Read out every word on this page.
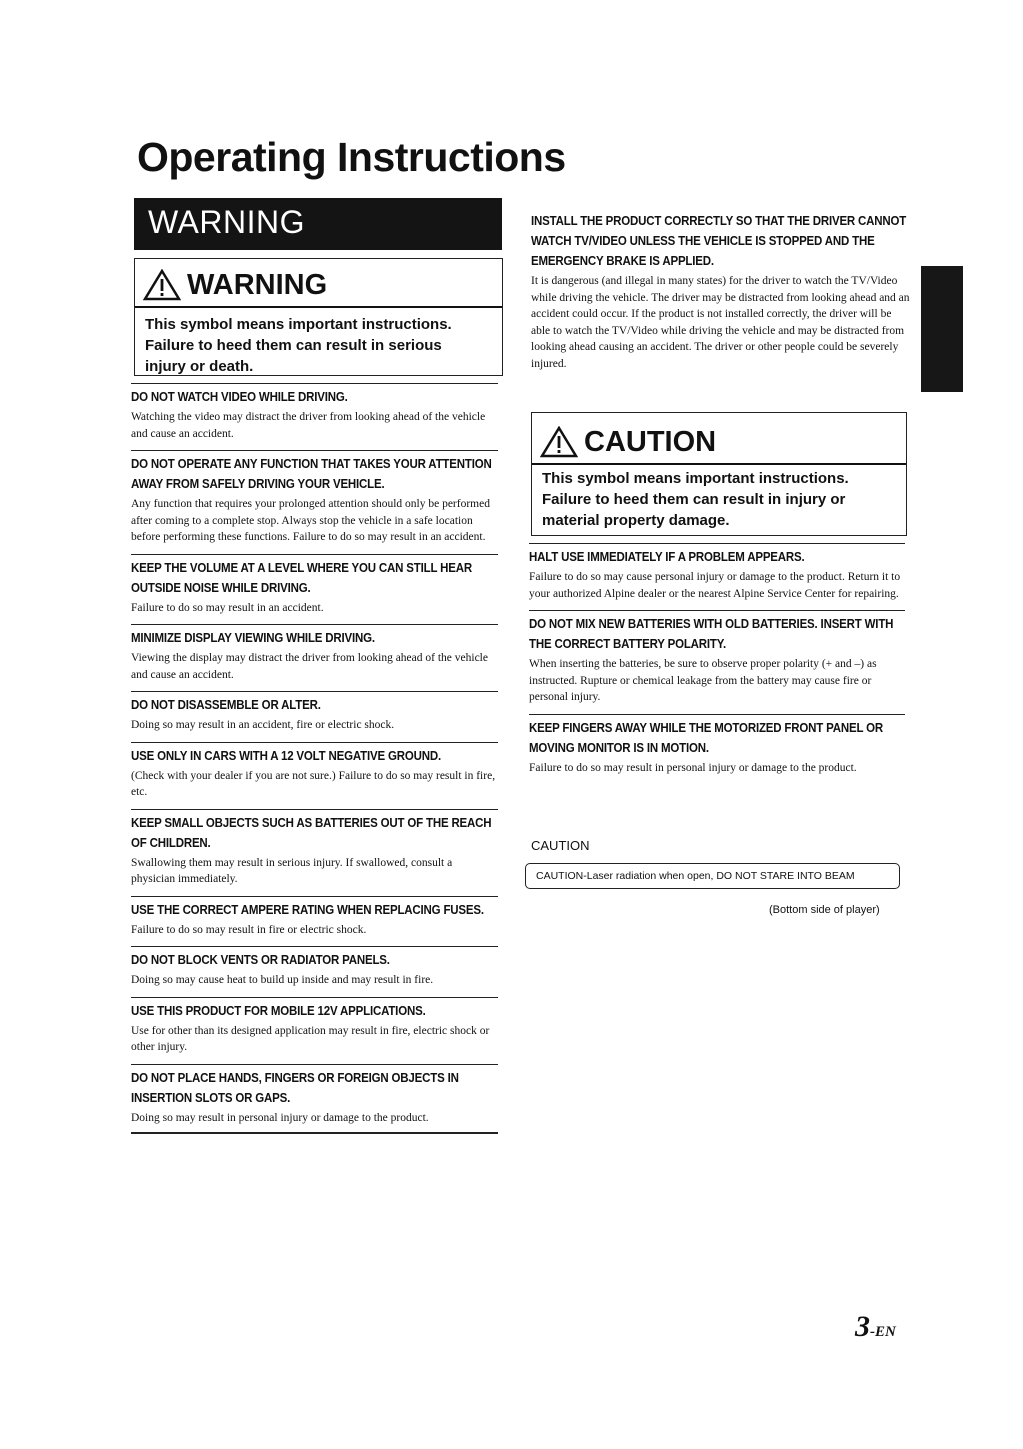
Operating Instructions
WARNING
WARNING
This symbol means important instructions. Failure to heed them can result in serious injury or death.
DO NOT WATCH VIDEO WHILE DRIVING.
Watching the video may distract the driver from looking ahead of the vehicle and cause an accident.
DO NOT OPERATE ANY FUNCTION THAT TAKES YOUR ATTENTION AWAY FROM SAFELY DRIVING YOUR VEHICLE.
Any function that requires your prolonged attention should only be performed after coming to a complete stop. Always stop the vehicle in a safe location before performing these functions. Failure to do so may result in an accident.
KEEP THE VOLUME AT A LEVEL WHERE YOU CAN STILL HEAR OUTSIDE NOISE WHILE DRIVING.
Failure to do so may result in an accident.
MINIMIZE DISPLAY VIEWING WHILE DRIVING.
Viewing the display may distract the driver from looking ahead of the vehicle and cause an accident.
DO NOT DISASSEMBLE OR ALTER.
Doing so may result in an accident, fire or electric shock.
USE ONLY IN CARS WITH A 12 VOLT NEGATIVE GROUND.
(Check with your dealer if you are not sure.) Failure to do so may result in fire, etc.
KEEP SMALL OBJECTS SUCH AS BATTERIES OUT OF THE REACH OF CHILDREN.
Swallowing them may result in serious injury. If swallowed, consult a physician immediately.
USE THE CORRECT AMPERE RATING WHEN REPLACING FUSES.
Failure to do so may result in fire or electric shock.
DO NOT BLOCK VENTS OR RADIATOR PANELS.
Doing so may cause heat to build up inside and may result in fire.
USE THIS PRODUCT FOR MOBILE 12V APPLICATIONS.
Use for other than its designed application may result in fire, electric shock or other injury.
DO NOT PLACE HANDS, FINGERS OR FOREIGN OBJECTS IN INSERTION SLOTS OR GAPS.
Doing so may result in personal injury or damage to the product.
INSTALL THE PRODUCT CORRECTLY SO THAT THE DRIVER CANNOT WATCH TV/VIDEO UNLESS THE VEHICLE IS STOPPED AND THE EMERGENCY BRAKE IS APPLIED.
It is dangerous (and illegal in many states) for the driver to watch the TV/Video while driving the vehicle. The driver may be distracted from looking ahead and an accident could occur. If the product is not installed correctly, the driver will be able to watch the TV/Video while driving the vehicle and may be distracted from looking ahead causing an accident. The driver or other people could be severely injured.
CAUTION
This symbol means important instructions. Failure to heed them can result in injury or material property damage.
HALT USE IMMEDIATELY IF A PROBLEM APPEARS.
Failure to do so may cause personal injury or damage to the product. Return it to your authorized Alpine dealer or the nearest Alpine Service Center for repairing.
DO NOT MIX NEW BATTERIES WITH OLD BATTERIES. INSERT WITH THE CORRECT BATTERY POLARITY.
When inserting the batteries, be sure to observe proper polarity (+ and –) as instructed. Rupture or chemical leakage from the battery may cause fire or personal injury.
KEEP FINGERS AWAY WHILE THE MOTORIZED FRONT PANEL OR MOVING MONITOR IS IN MOTION.
Failure to do so may result in personal injury or damage to the product.
CAUTION
CAUTION-Laser radiation when open, DO NOT STARE INTO BEAM
(Bottom side of player)
3-EN
